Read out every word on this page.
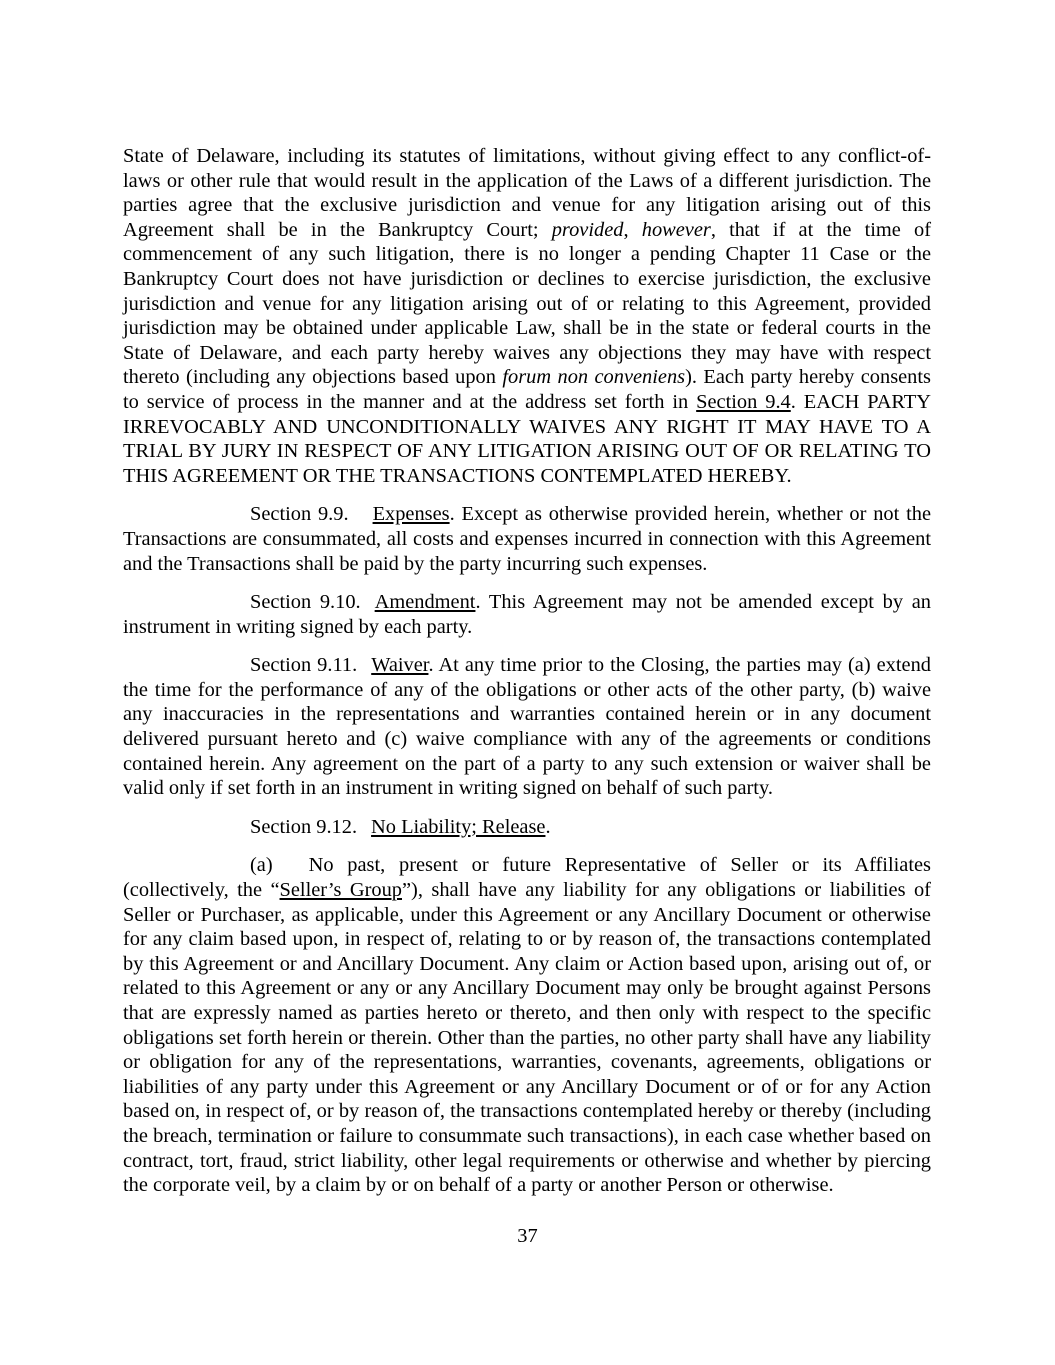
State of Delaware, including its statutes of limitations, without giving effect to any conflict-of-laws or other rule that would result in the application of the Laws of a different jurisdiction. The parties agree that the exclusive jurisdiction and venue for any litigation arising out of this Agreement shall be in the Bankruptcy Court; provided, however, that if at the time of commencement of any such litigation, there is no longer a pending Chapter 11 Case or the Bankruptcy Court does not have jurisdiction or declines to exercise jurisdiction, the exclusive jurisdiction and venue for any litigation arising out of or relating to this Agreement, provided jurisdiction may be obtained under applicable Law, shall be in the state or federal courts in the State of Delaware, and each party hereby waives any objections they may have with respect thereto (including any objections based upon forum non conveniens). Each party hereby consents to service of process in the manner and at the address set forth in Section 9.4. EACH PARTY IRREVOCABLY AND UNCONDITIONALLY WAIVES ANY RIGHT IT MAY HAVE TO A TRIAL BY JURY IN RESPECT OF ANY LITIGATION ARISING OUT OF OR RELATING TO THIS AGREEMENT OR THE TRANSACTIONS CONTEMPLATED HEREBY.

Section 9.9. Expenses. Except as otherwise provided herein, whether or not the Transactions are consummated, all costs and expenses incurred in connection with this Agreement and the Transactions shall be paid by the party incurring such expenses.

Section 9.10. Amendment. This Agreement may not be amended except by an instrument in writing signed by each party.

Section 9.11. Waiver. At any time prior to the Closing, the parties may (a) extend the time for the performance of any of the obligations or other acts of the other party, (b) waive any inaccuracies in the representations and warranties contained herein or in any document delivered pursuant hereto and (c) waive compliance with any of the agreements or conditions contained herein. Any agreement on the part of a party to any such extension or waiver shall be valid only if set forth in an instrument in writing signed on behalf of such party.

Section 9.12. No Liability; Release.

(a) No past, present or future Representative of Seller or its Affiliates (collectively, the “Seller’s Group”), shall have any liability for any obligations or liabilities of Seller or Purchaser, as applicable, under this Agreement or any Ancillary Document or otherwise for any claim based upon, in respect of, relating to or by reason of, the transactions contemplated by this Agreement or and Ancillary Document. Any claim or Action based upon, arising out of, or related to this Agreement or any or any Ancillary Document may only be brought against Persons that are expressly named as parties hereto or thereto, and then only with respect to the specific obligations set forth herein or therein. Other than the parties, no other party shall have any liability or obligation for any of the representations, warranties, covenants, agreements, obligations or liabilities of any party under this Agreement or any Ancillary Document or of or for any Action based on, in respect of, or by reason of, the transactions contemplated hereby or thereby (including the breach, termination or failure to consummate such transactions), in each case whether based on contract, tort, fraud, strict liability, other legal requirements or otherwise and whether by piercing the corporate veil, by a claim by or on behalf of a party or another Person or otherwise.

37
